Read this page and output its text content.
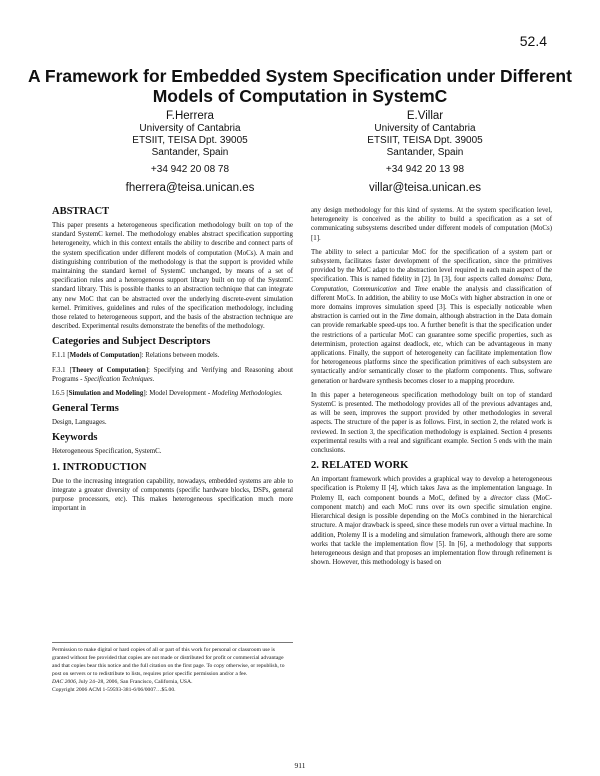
52.4
A Framework for Embedded System Specification under Different Models of Computation in SystemC
F.Herrera
University of Cantabria
ETSIIT, TEISA Dpt. 39005
Santander, Spain
+34 942 20 08 78
fherrera@teisa.unican.es
E.Villar
University of Cantabria
ETSIIT, TEISA Dpt. 39005
Santander, Spain
+34 942 20 13 98
villar@teisa.unican.es
ABSTRACT

This paper presents a heterogeneous specification methodology built on top of the standard SystemC kernel. The methodology enables abstract specification supporting heterogeneity, which in this context entails the ability to describe and connect parts of the system specification under different models of computation (MoCs). A main and distinguishing contribution of the methodology is that the support is provided while maintaining the standard kernel of SystemC unchanged, by means of a set of specification rules and a heterogeneous support library built on top of the SystemC standard library. This is possible thanks to an abstraction technique that can integrate any new MoC that can be abstracted over the underlying discrete-event simulation kernel. Primitives, guidelines and rules of the specification methodology, including those related to heterogeneous support, and the basis of the abstraction technique are described. Experimental results demonstrate the benefits of the methodology.

Categories and Subject Descriptors

F.1.1 [Models of Computation]: Relations between models.

F.3.1 [Theory of Computation]: Specifying and Verifying and Reasoning about Programs - Specification Techniques.

I.6.5 [Simulation and Modeling]: Model Development - Modeling Methodologies.

General Terms

Design, Languages.

Keywords

Heterogeneous Specification, SystemC.

1. INTRODUCTION

Due to the increasing integration capability, nowadays, embedded systems are able to integrate a greater diversity of components (specific hardware blocks, DSPs, general purpose processors, etc). This makes heterogeneous specification much more important in

Permission to make digital or hard copies of all or part of this work for personal or classroom use is granted without fee provided that copies are not made or distributed for profit or commercial advantage and that copies bear this notice and the full citation on the first page. To copy otherwise, or republish, to post on servers or to redistribute to lists, requires prior specific permission and/or a fee.

DAC 2006, July 24–28, 2006, San Francisco, California, USA.

Copyright 2006 ACM 1-59593-381-6/06/0007…$5.00.

any design methodology for this kind of systems. At the system specification level, heterogeneity is conceived as the ability to build a specification as a set of communicating subsystems described under different models of computation (MoCs) [1].

The ability to select a particular MoC for the specification of a system part or subsystem, facilitates faster development of the specification, since the primitives provided by the MoC adapt to the abstraction level required in each main aspect of the specification. This is named fidelity in [2]. In [3], four aspects called domains: Data, Computation, Communication and Time enable the analysis and classification of different MoCs. In addition, the ability to use MoCs with higher abstraction in one or more domains improves simulation speed [3]. This is especially noticeable when abstraction is carried out in the Time domain, although abstraction in the Data domain can provide remarkable speed-ups too. A further benefit is that the specification under the restrictions of a particular MoC can guarantee some specific properties, such as determinism, protection against deadlock, etc, which can be advantageous in many applications. Finally, the support of heterogeneity can facilitate implementation flow for heterogeneous platforms since the specification primitives of each subsystem are syntactically and/or semantically closer to the platform components. Thus, software generation or hardware synthesis becomes closer to a mapping procedure.

In this paper a heterogeneous specification methodology built on top of standard SystemC is presented. The methodology provides all of the previous advantages and, as will be seen, improves the support provided by other methodologies in several aspects. The structure of the paper is as follows. First, in section 2, the related work is reviewed. In section 3, the specification methodology is explained. Section 4 presents experimental results with a real and significant example. Section 5 ends with the main conclusions.

2. RELATED WORK

An important framework which provides a graphical way to develop a heterogeneous specification is Ptolemy II [4], which takes Java as the implementation language. In Ptolemy II, each component bounds a MoC, defined by a director class (MoC-component match) and each MoC runs over its own specific simulation engine. Hierarchical design is possible depending on the MoCs combined in the hierarchical structure. A major drawback is speed, since these models run over a virtual machine. In addition, Ptolemy II is a modeling and simulation framework, although there are some works that tackle the implementation flow [5]. In [6], a methodology that supports heterogeneous design and that proposes an implementation flow through refinement is shown. However, this methodology is based on

911
